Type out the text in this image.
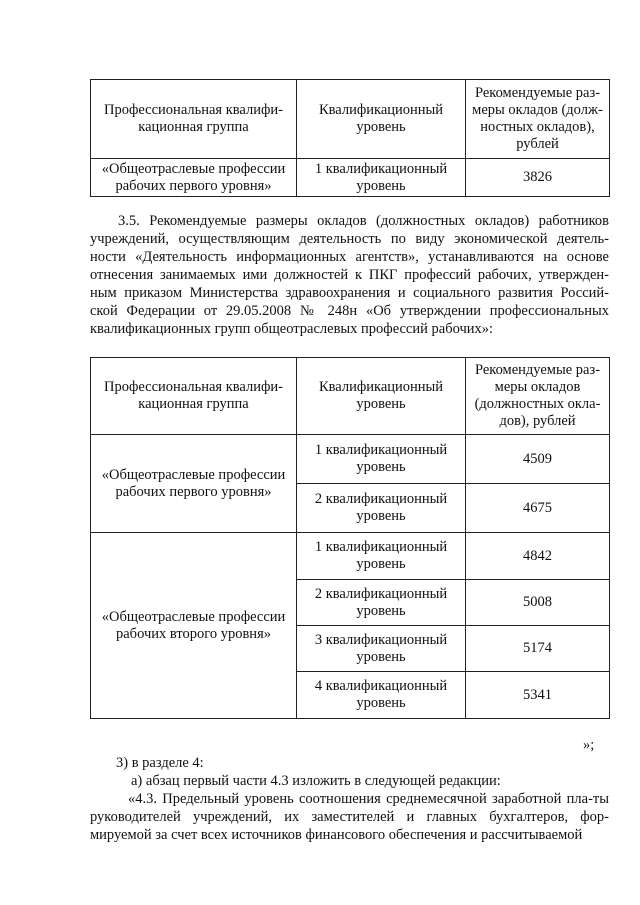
Профессиональная квалифи-кационная группа	Квалификационный уровень	Рекомендуемые раз-меры окладов (долж-ностных окладов), рублей
«Общеотраслевые профессии рабочих первого уровня»	1 квалификационный уровень	3826

3.5. Рекомендуемые размеры окладов (должностных окладов) работников учреждений, осуществляющим деятельность по виду экономической деятель-ности «Деятельность информационных агентств», устанавливаются на основе отнесения занимаемых ими должностей к ПКГ профессий рабочих, утвержден-ным приказом Министерства здравоохранения и социального развития Россий-ской Федерации от 29.05.2008 № 248н «Об утверждении профессиональных квалификационных групп общеотраслевых профессий рабочих»:

Профессиональная квалифи-кационная группа	Квалификационный уровень	Рекомендуемые раз-меры окладов (должностных окла-дов), рублей
«Общеотраслевые профессии рабочих первого уровня»	1 квалификационный уровень	4509
	2 квалификационный уровень	4675
«Общеотраслевые профессии рабочих второго уровня»	1 квалификационный уровень	4842
	2 квалификационный уровень	5008
	3 квалификационный уровень	5174
	4 квалификационный уровень	5341
»;
3) в разделе 4:
а) абзац первый части 4.3 изложить в следующей редакции:

«4.3. Предельный уровень соотношения среднемесячной заработной пла-ты руководителей учреждений, их заместителей и главных бухгалтеров, фор-мируемой за счет всех источников финансового обеспечения и рассчитываемой
